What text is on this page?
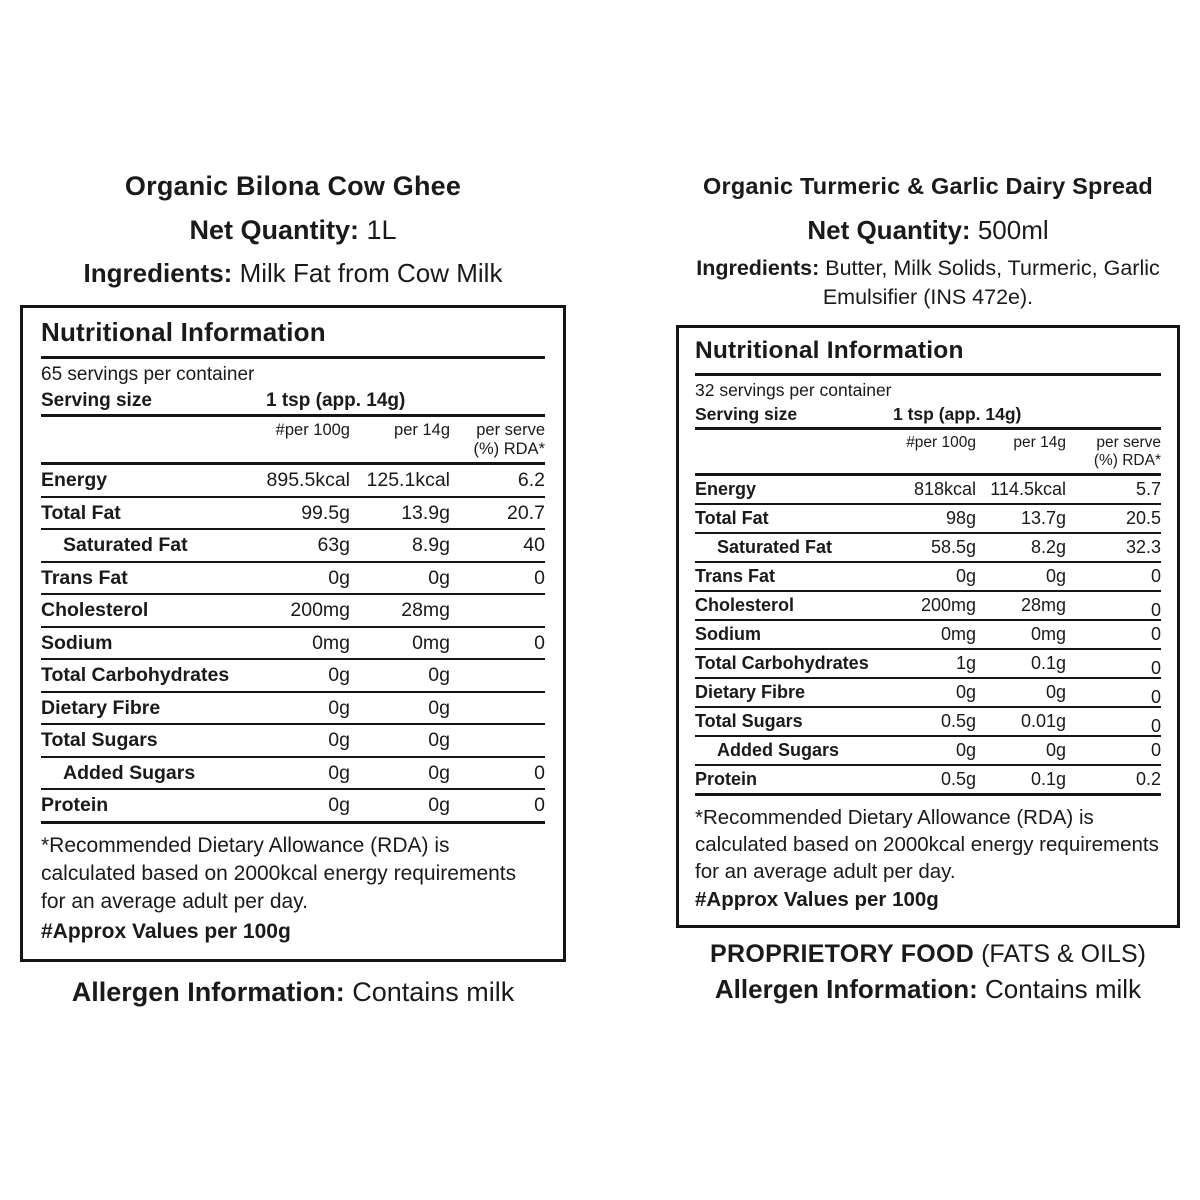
Organic Bilona Cow Ghee
Net Quantity: 1L
Ingredients: Milk Fat from Cow Milk
Nutritional Information
65 servings per container
Serving size	1 tsp (app. 14g)
#per 100g	per 14g	per serve
(%) RDA*
Energy	895.5kcal 125.1kcal	6.2
Total Fat	99.5g	13.9g	20.7
Saturated Fat	63g	8.9g	40
Trans Fat	0g	0g	0
Cholesterol	200mg	28mg
Sodium	0mg	0mg	0
Total Carbohydrates	0g	0g
Dietary Fibre	0g	0g
Total Sugars	0g	0g
Added Sugars	0g	0g	0
Protein	0g	0g	0
*Recommended Dietary Allowance (RDA) is calculated based on 2000kcal energy requirements for an average adult per day.
#Approx Values per 100g
Allergen Information: Contains milk
Organic Turmeric & Garlic Dairy Spread
Net Quantity: 500ml
Ingredients: Butter, Milk Solids, Turmeric, Garlic Emulsifier (INS 472e).
Nutritional Information
32 servings per container
Serving size	1 tsp (app. 14g)
#per 100g	per 14g	per serve
(%) RDA*
Energy	818kcal 114.5kcal	5.7
Total Fat	98g	13.7g	20.5
Saturated Fat	58.5g	8.2g	32.3
Trans Fat	0g	0g	0
Cholesterol	200mg	28mg	0
Sodium	0mg	0mg	0
Total Carbohydrates	1g	0.1g	0
Dietary Fibre	0g	0g	0
Total Sugars	0.5g	0.01g	0
Added Sugars	0g	0g	0
Protein	0.5g	0.1g	0.2
*Recommended Dietary Allowance (RDA) is calculated based on 2000kcal energy requirements for an average adult per day.
#Approx Values per 100g
PROPRIETORY FOOD (FATS & OILS)
Allergen Information: Contains milk
